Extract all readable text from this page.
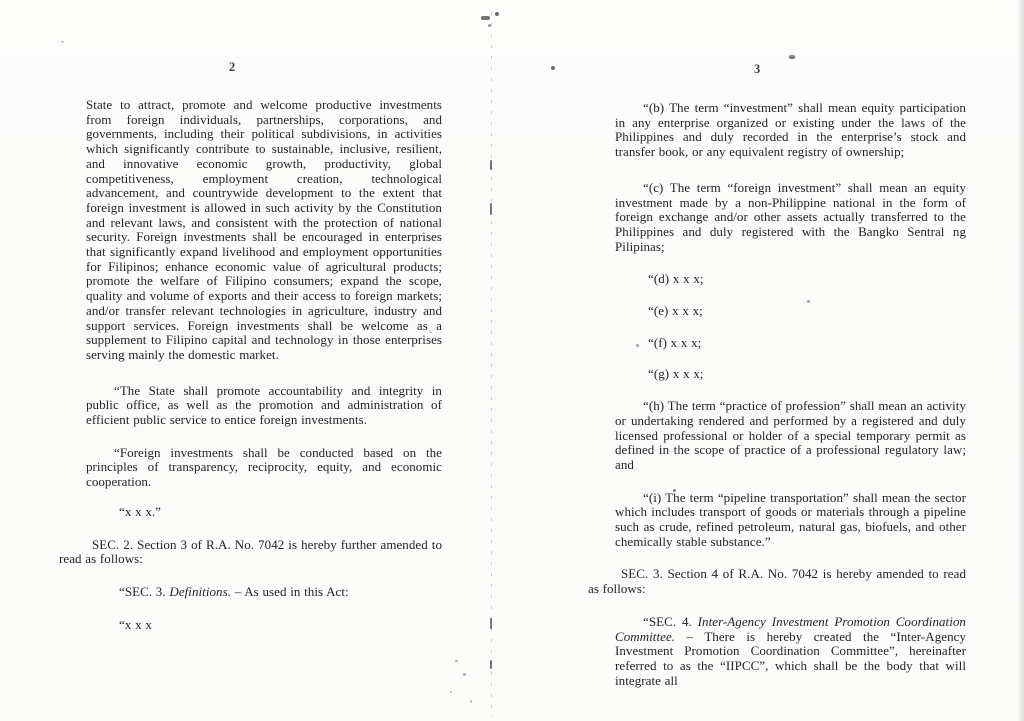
2	3

State to attract, promote and welcome productive investments from foreign individuals, partnerships, corporations, and governments, including their political subdivisions, in activities which significantly contribute to sustainable, inclusive, resilient, and innovative economic growth, productivity, global competitiveness, employment creation, technological advancement, and countrywide development to the extent that foreign investment is allowed in such activity by the Constitution and relevant laws, and consistent with the protection of national security. Foreign investments shall be encouraged in enterprises that significantly expand livelihood and employment opportunities for Filipinos; enhance economic value of agricultural products; promote the welfare of Filipino consumers; expand the scope, quality and volume of exports and their access to foreign markets; and/or transfer relevant technologies in agriculture, industry and support services. Foreign investments shall be welcome as a supplement to Filipino capital and technology in those enterprises serving mainly the domestic market.

“The State shall promote accountability and integrity in public office, as well as the promotion and administration of efficient public service to entice foreign investments.

“Foreign investments shall be conducted based on the principles of transparency, reciprocity, equity, and economic cooperation.

“x x x.”

SEC. 2. Section 3 of R.A. No. 7042 is hereby further amended to read as follows:

“SEC. 3. Definitions. – As used in this Act:

“x x x

“(b) The term “investment” shall mean equity participation in any enterprise organized or existing under the laws of the Philippines and duly recorded in the enterprise’s stock and transfer book, or any equivalent registry of ownership;

“(c) The term “foreign investment” shall mean an equity investment made by a non-Philippine national in the form of foreign exchange and/or other assets actually transferred to the Philippines and duly registered with the Bangko Sentral ng Pilipinas;

“(d) x x x;

“(e) x x x;

“(f) x x x;

“(g) x x x;

“(h) The term “practice of profession” shall mean an activity or undertaking rendered and performed by a registered and duly licensed professional or holder of a special temporary permit as defined in the scope of practice of a professional regulatory law; and

“(i) The term “pipeline transportation” shall mean the sector which includes transport of goods or materials through a pipeline such as crude, refined petroleum, natural gas, biofuels, and other chemically stable substance.”

SEC. 3. Section 4 of R.A. No. 7042 is hereby amended to read as follows:

“SEC. 4. Inter-Agency Investment Promotion Coordination Committee. – There is hereby created the “Inter-Agency Investment Promotion Coordination Committee”, hereinafter referred to as the “IIPCC”, which shall be the body that will integrate all
